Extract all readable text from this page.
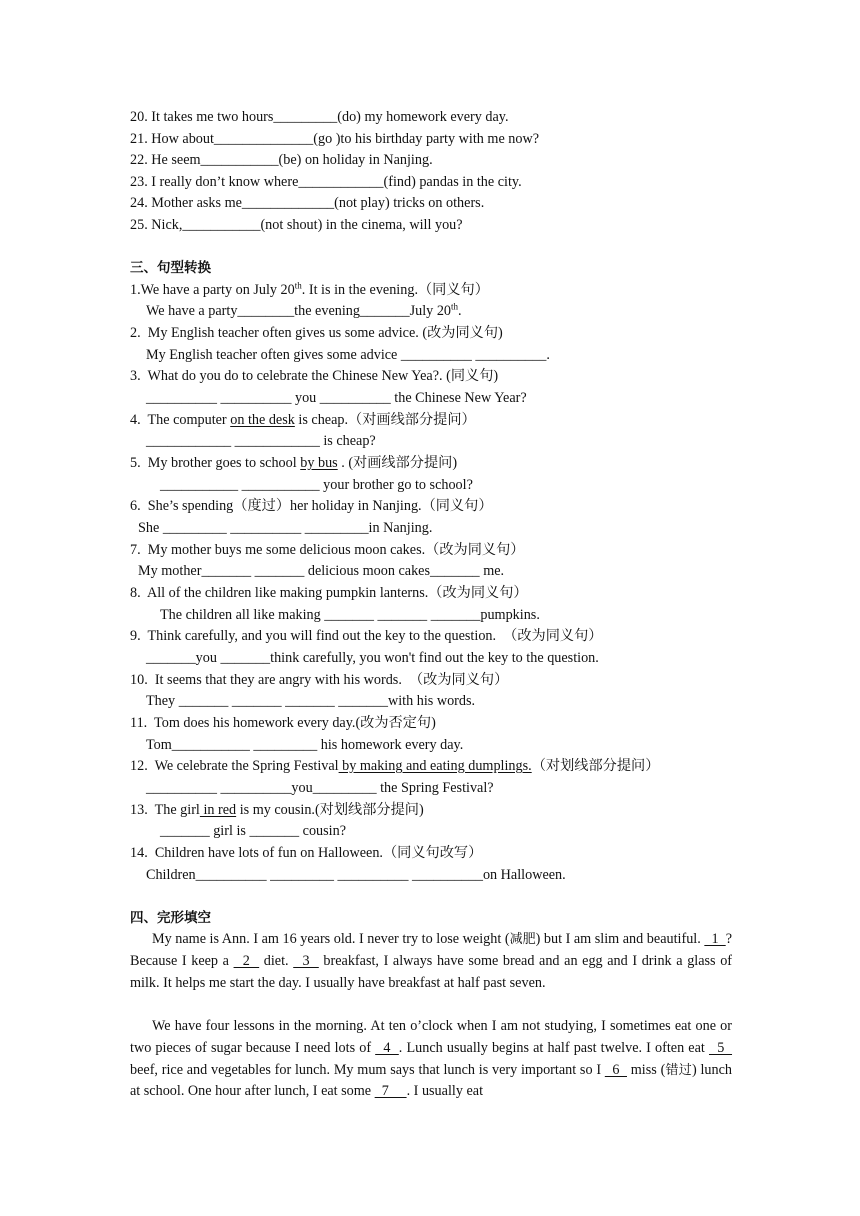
20. It takes me two hours_________(do) my homework every day.
21. How about______________(go )to his birthday party with me now?
22. He seem___________(be) on holiday in Nanjing.
23. I really don’t know where____________(find) pandas in the city.
24. Mother asks me_____________(not play) tricks on others.
25. Nick,___________(not shout) in the cinema, will you?
三、句型转换
1.We have a party on July 20th. It is in the evening.（同义句）
We have a party________the evening_______July 20th.
2.  My English teacher often gives us some advice. (改为同义句)
My English teacher often gives some advice __________ __________.
3.  What do you do to celebrate the Chinese New Yea?. (同义句)
__________ __________ you __________ the Chinese New Year?
4.  The computer on the desk is cheap.（对画线部分提问）
____________ ____________ is cheap?
5.  My brother goes to school by bus . (对画线部分提问)
___________ ___________ your brother go to school?
6.  She’s spending（度过）her holiday in Nanjing.（同义句）
She _________ __________ _________in Nanjing.
7.  My mother buys me some delicious moon cakes.（改为同义句）
My mother_______ _______ delicious moon cakes_______ me.
8.  All of the children like making pumpkin lanterns.（改为同义句）
The children all like making _______ _______ _______pumpkins.
9.  Think carefully, and you will find out the key to the question.  （改为同义句）
_______you _______think carefully, you won't find out the key to the question.
10.  It seems that they are angry with his words.  （改为同义句）
They _______ _______ _______ _______with his words.
11.  Tom does his homework every day.(改为否定句)
Tom___________ _________ his homework every day.
12.  We celebrate the Spring Festival by making and eating dumplings.（对划线部分提问）
__________ __________you_________ the Spring Festival?
13.  The girl in red is my cousin.(对划线部分提问)
_______ girl is _______ cousin?
14.  Children have lots of fun on Halloween.（同义句改写）
Children__________ _________ __________ __________on Halloween.
四、完形填空

My name is Ann. I am 16 years old. I never try to lose weight (减肥) but I am slim and beautiful.   1  ? Because I keep a   2   diet.   3   breakfast, I always have some bread and an egg and I drink a glass of milk. It helps me start the day. I usually have breakfast at half past seven.

We have four lessons in the morning. At ten o’clock when I am not studying, I sometimes eat one or two pieces of sugar because I need lots of   4  . Lunch usually begins at half past twelve. I often eat   5   beef, rice and vegetables for lunch. My mum says that lunch is very important so I   6   miss (错过) lunch at school. One hour after lunch, I eat some   7     . I usually eat
